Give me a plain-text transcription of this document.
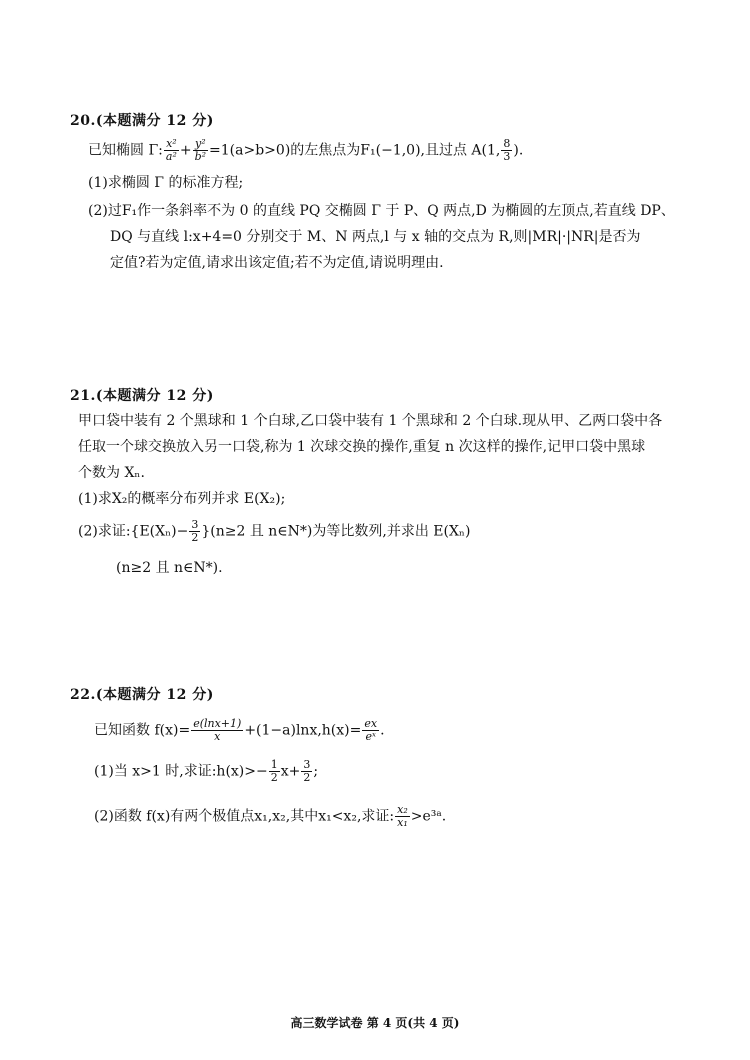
20.(本题满分 12 分)

已知椭圆 Γ: $\frac{\text{x²}}{\text{a²}} + \frac{\text{y²}}{\text{b²}} =1(a>b>0)$的左焦点为F₁(−1,0),且过点 A(1, $\frac{8}{3}$ ).

(1)求椭圆 Γ 的标准方程;

(2)过F₁作一条斜率不为 0 的直线 PQ 交椭圆 Γ 于 P、Q 两点,D 为椭圆的左顶点,若直线 DP、

DQ 与直线 l:x+4=0 分别交于 M、N 两点,l 与 x 轴的交点为 R,则|MR|·|NR|是否为

定值?若为定值,请求出该定值;若不为定值,请说明理由.

21.(本题满分 12 分)

甲口袋中装有 2 个黑球和 1 个白球,乙口袋中装有 1 个黑球和 2 个白球.现从甲、乙两口袋中各

任取一个球交换放入另一口袋,称为 1 次球交换的操作,重复 n 次这样的操作,记甲口袋中黑球

个数为 Xₙ.

(1)求X₂的概率分布列并求 E(X₂);

(2)求证:{E(Xₙ)− $\frac{3}{2} \}(n\ge 2$ 且 n∈N*)为等比数列,并求出 E(Xₙ)

(n≥2 且 n∈N*).

22.(本题满分 12 分)

已知函数 $f(x)= \frac{e(\ln x+1)}{x} +(1-a)\ln x,h(x)= \frac{ex}{\text{eˣ}}$ .

(1)当 x>1 时,求证:h(x)>− $\frac{1}{2} x+ \frac{3}{2}$ ;

(2)函数 f(x)有两个极值点x₁,x₂,其中x₁<x₂,求证: $\frac{\text{x₂}}{\text{x₁}}$ >e³ᵃ.

高三数学试卷 第 4 页(共 4 页)
